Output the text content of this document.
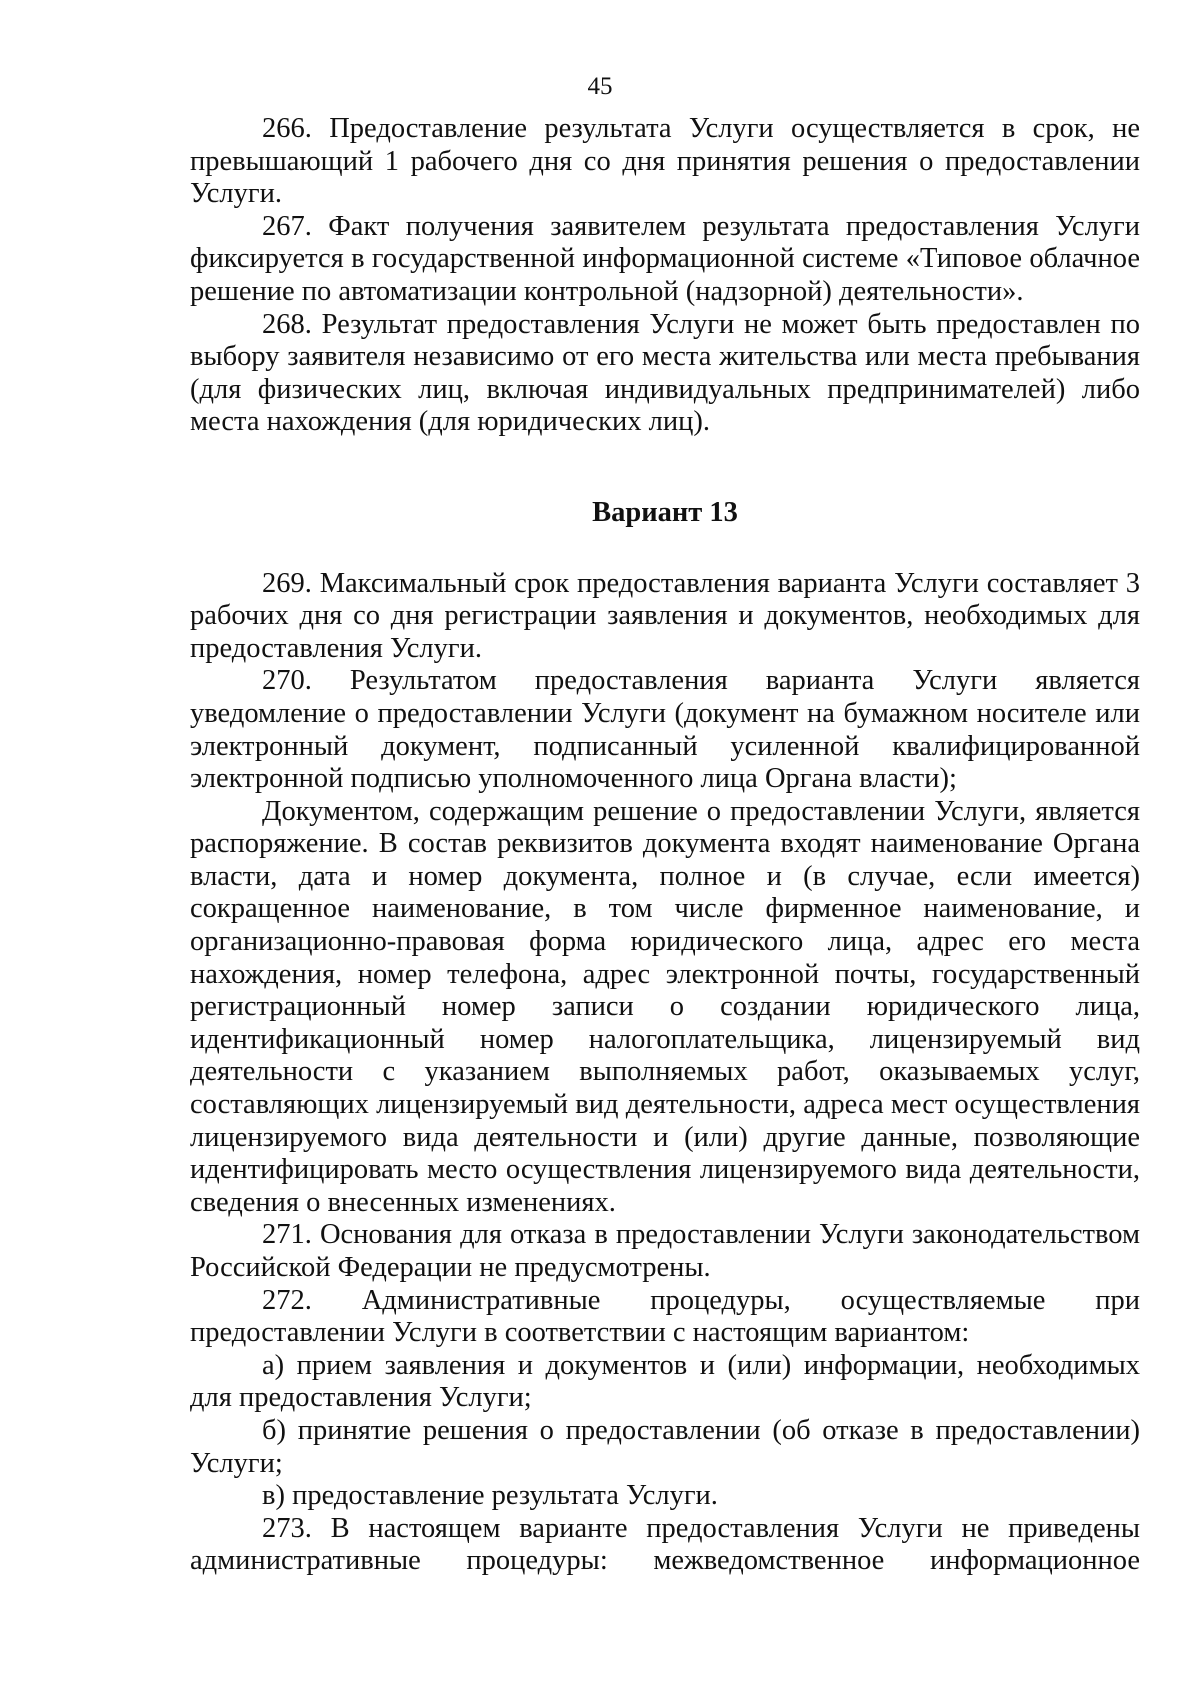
45

266. Предоставление результата Услуги осуществляется в срок, не превышающий 1 рабочего дня со дня принятия решения о предоставлении Услуги.

267. Факт получения заявителем результата предоставления Услуги фиксируется в государственной информационной системе «Типовое облачное решение по автоматизации контрольной (надзорной) деятельности».

268. Результат предоставления Услуги не может быть предоставлен по выбору заявителя независимо от его места жительства или места пребывания (для физических лиц, включая индивидуальных предпринимателей) либо места нахождения (для юридических лиц).

Вариант 13

269. Максимальный срок предоставления варианта Услуги составляет 3 рабочих дня со дня регистрации заявления и документов, необходимых для предоставления Услуги.

270. Результатом предоставления варианта Услуги является уведомление о предоставлении Услуги (документ на бумажном носителе или электронный документ, подписанный усиленной квалифицированной электронной подписью уполномоченного лица Органа власти);

Документом, содержащим решение о предоставлении Услуги, является распоряжение. В состав реквизитов документа входят наименование Органа власти, дата и номер документа, полное и (в случае, если имеется) сокращенное наименование, в том числе фирменное наименование, и организационно-правовая форма юридического лица, адрес его места нахождения, номер телефона, адрес электронной почты, государственный регистрационный номер записи о создании юридического лица, идентификационный номер налогоплательщика, лицензируемый вид деятельности с указанием выполняемых работ, оказываемых услуг, составляющих лицензируемый вид деятельности, адреса мест осуществления лицензируемого вида деятельности и (или) другие данные, позволяющие идентифицировать место осуществления лицензируемого вида деятельности, сведения о внесенных изменениях.

271. Основания для отказа в предоставлении Услуги законодательством Российской Федерации не предусмотрены.

272. Административные процедуры, осуществляемые при предоставлении Услуги в соответствии с настоящим вариантом:

а) прием заявления и документов и (или) информации, необходимых для предоставления Услуги;

б) принятие решения о предоставлении (об отказе в предоставлении) Услуги;

в) предоставление результата Услуги.

273. В настоящем варианте предоставления Услуги не приведены административные процедуры: межведомственное информационное
